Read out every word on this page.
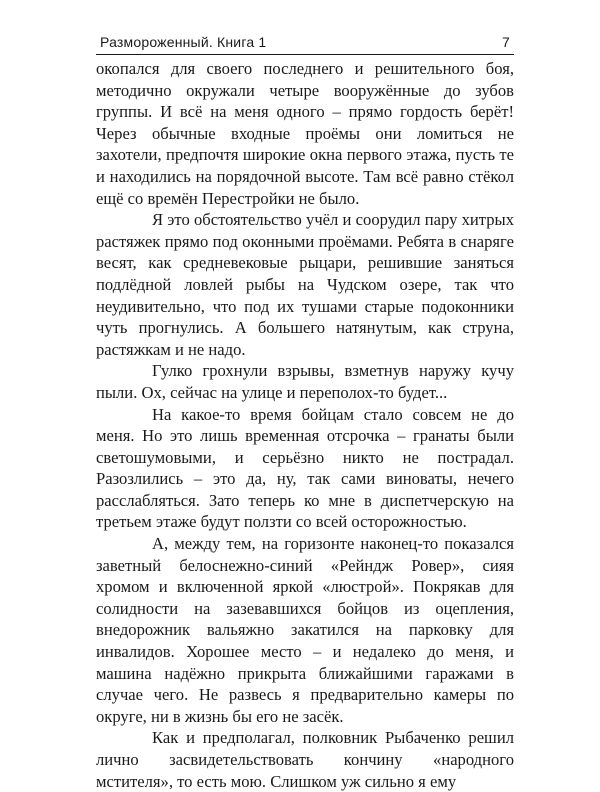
Размороженный. Книга 1	7

окопался для своего последнего и решительного боя, методично окружали четыре вооружённые до зубов группы. И всё на меня одного – прямо гордость берёт! Через обычные входные проёмы они ломиться не захотели, предпочтя широкие окна первого этажа, пусть те и находились на порядочной высоте. Там всё равно стёкол ещё со времён Перестройки не было.

Я это обстоятельство учёл и соорудил пару хитрых растяжек прямо под оконными проёмами. Ребята в снаряге весят, как средневековые рыцари, решившие заняться подлёдной ловлей рыбы на Чудском озере, так что неудивительно, что под их тушами старые подоконники чуть прогнулись. А большего натянутым, как струна, растяжкам и не надо.

Гулко грохнули взрывы, взметнув наружу кучу пыли. Ох, сейчас на улице и переполох-то будет...

На какое-то время бойцам стало совсем не до меня. Но это лишь временная отсрочка – гранаты были светошумовыми, и серьёзно никто не пострадал. Разозлились – это да, ну, так сами виноваты, нечего расслабляться. Зато теперь ко мне в диспетчерскую на третьем этаже будут ползти со всей осторожностью.

А, между тем, на горизонте наконец-то показался заветный белоснежно-синий «Рейндж Ровер», сияя хромом и включенной яркой «люстрой». Покрякав для солидности на зазевавшихся бойцов из оцепления, внедорожник вальяжно закатился на парковку для инвалидов. Хорошее место – и недалеко до меня, и машина надёжно прикрыта ближайшими гаражами в случае чего. Не развесь я предварительно камеры по округе, ни в жизнь бы его не засёк.

Как и предполагал, полковник Рыбаченко решил лично засвидетельствовать кончину «народного мстителя», то есть мою. Слишком уж сильно я ему
